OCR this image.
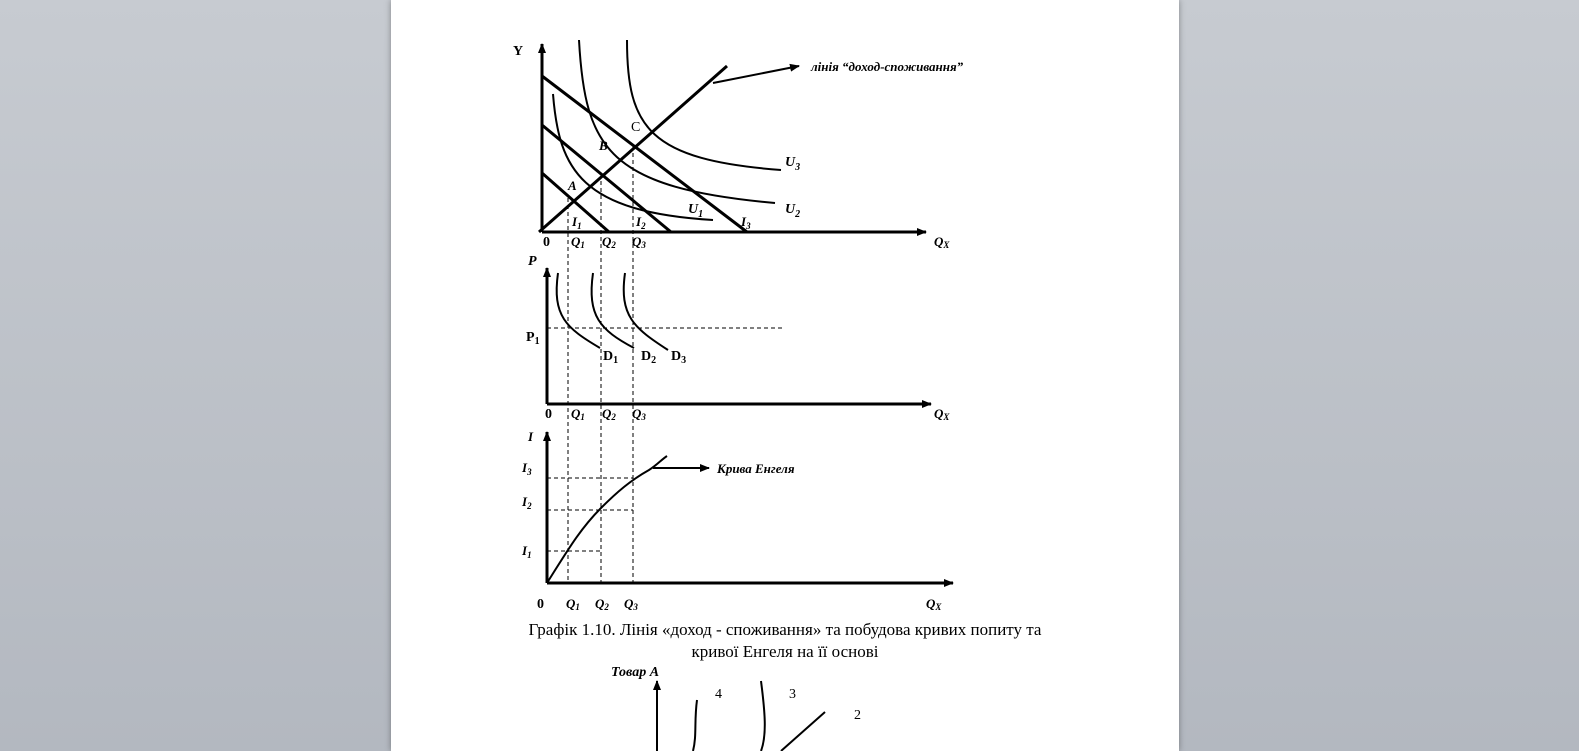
Y
лінія “доход-споживання”
A
B
C
$U_1$	$U_2$
$U_3$
$I_1$	$I_2$	$I_3$
0 Q1 Q2 Q3	QX
P
$P_1$
$D_1$ $D_2$ $D_3$
0 Q1 Q2 Q3	QX
I
$I_3$
$I_2$
$I_1$
Крива Енгеля
0 Q1 Q2 Q3	QX
Товар А
4	3
2
Графік 1.10. Лінія «доход - споживання» та побудова кривих попиту та
кривої Енгеля на її основі
